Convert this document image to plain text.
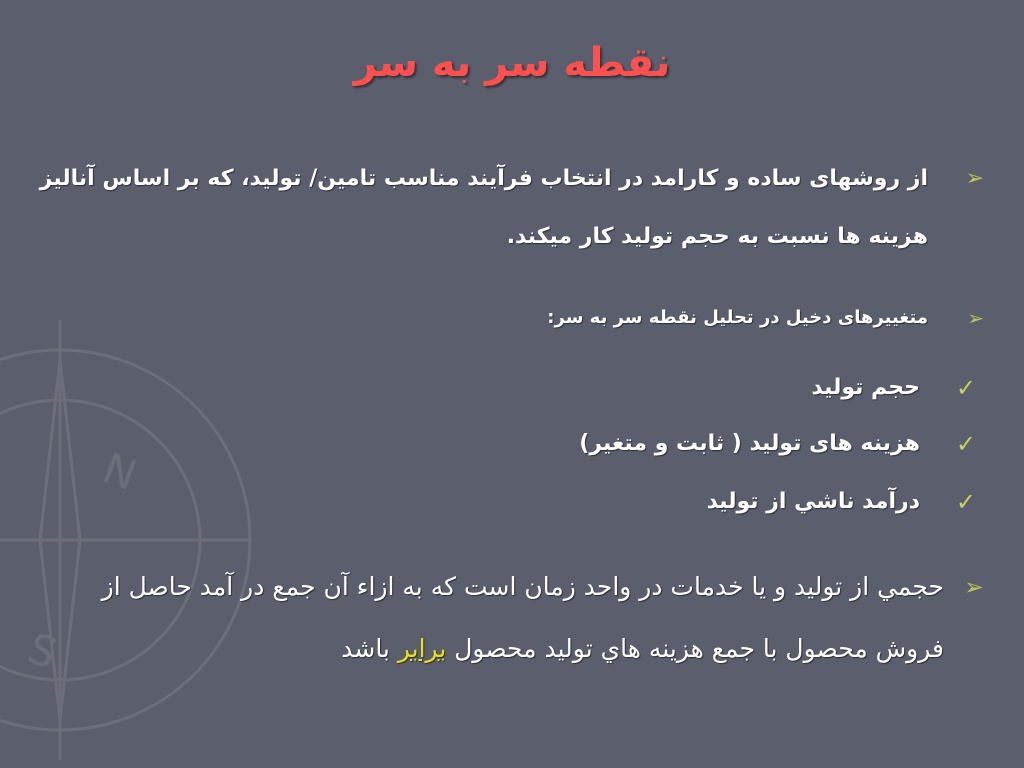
N
S
نقطه سر به سر
➢
از روشهای ساده و كارامد در انتخاب فرآيند مناسب تامين/ توليد، كه بر اساس آناليز هزينه ها نسبت به حجم توليد كار ميكند.
➢
متغييرهای دخيل در تحليل نقطه سر به سر:
✓
حجم توليد
✓
هزينه های توليد ( ثابت و متغير)
✓
درآمد ناشي از توليد
➢
حجمي از توليد و يا خدمات در واحد زمان است كه به ازاء آن جمع در آمد حاصل از فروش محصول با جمع هزينه هاي توليد محصول برابر باشد
